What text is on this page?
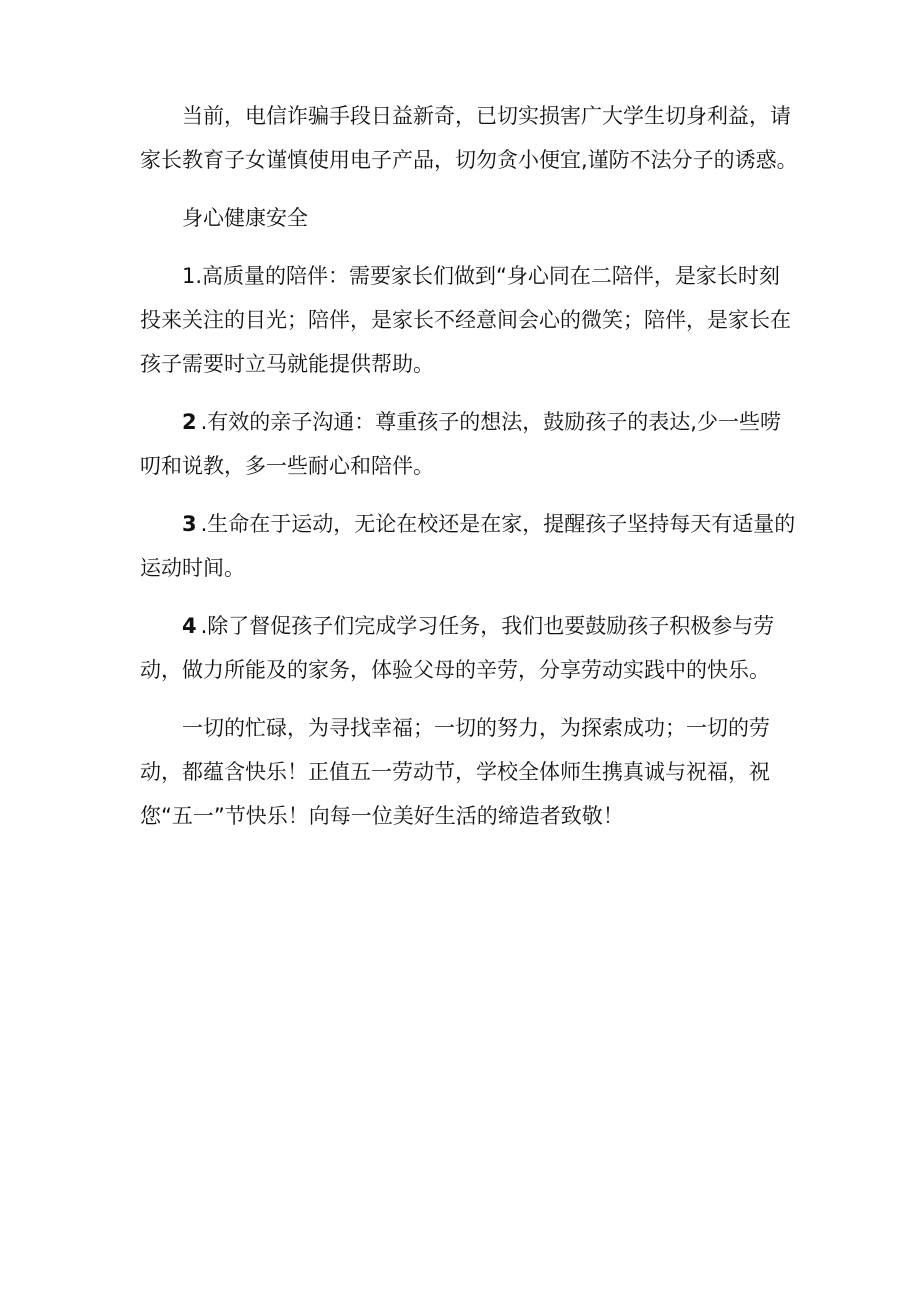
当前，电信诈骗手段日益新奇，已切实损害广大学生切身利益，请家长教育子女谨慎使用电子产品，切勿贪小便宜,谨防不法分子的诱惑。

身心健康安全

1.高质量的陪伴：需要家长们做到“身心同在二陪伴，是家长时刻投来关注的目光；陪伴，是家长不经意间会心的微笑；陪伴，是家长在孩子需要时立马就能提供帮助。

2 .有效的亲子沟通：尊重孩子的想法，鼓励孩子的表达,少一些唠叨和说教，多一些耐心和陪伴。

3 .生命在于运动，无论在校还是在家，提醒孩子坚持每天有适量的运动时间。

4 .除了督促孩子们完成学习任务，我们也要鼓励孩子积极参与劳动，做力所能及的家务，体验父母的辛劳，分享劳动实践中的快乐。

一切的忙碌，为寻找幸福；一切的努力，为探索成功；一切的劳动，都蕴含快乐！正值五一劳动节，学校全体师生携真诚与祝福，祝您“五一”节快乐！向每一位美好生活的缔造者致敬！
